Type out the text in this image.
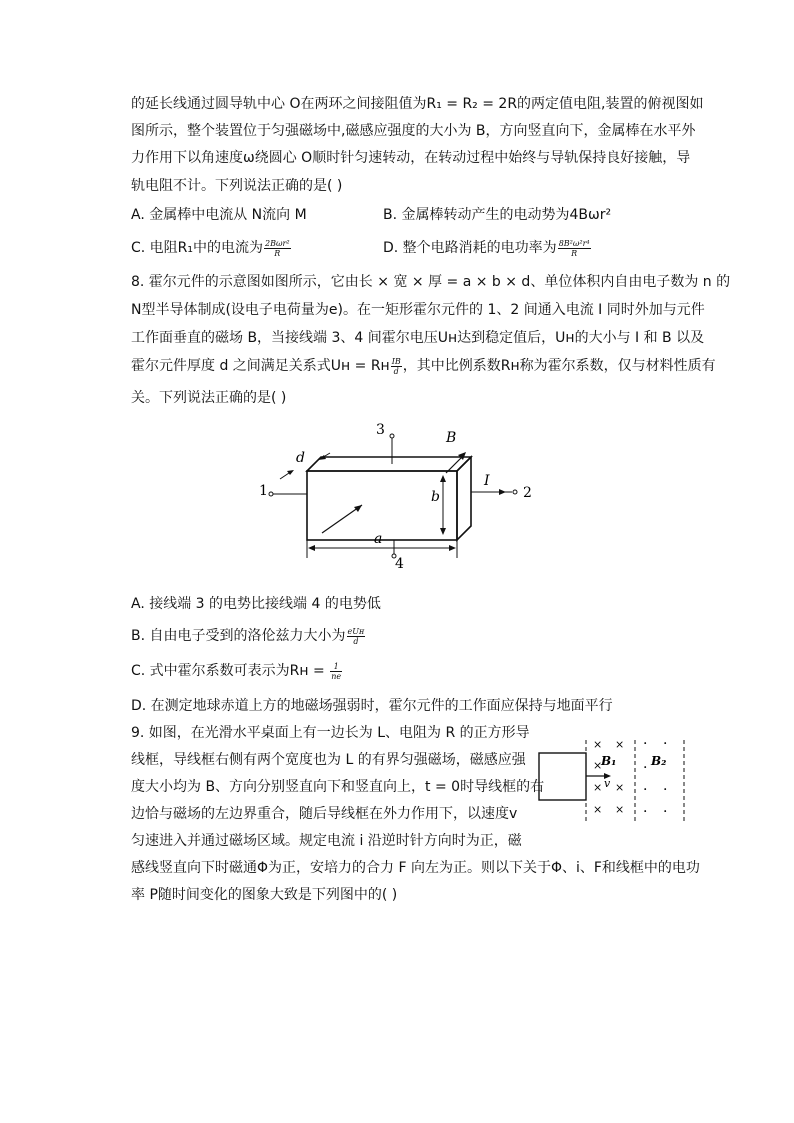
的延长线通过圆导轨中心 O在两环之间接阻值为R₁ = R₂ = 2R的两定值电阻,装置的俯视图如
图所示，整个装置位于匀强磁场中,磁感应强度的大小为 B，方向竖直向下，金属棒在水平外
力作用下以角速度ω绕圆心 O顺时针匀速转动，在转动过程中始终与导轨保持良好接触，导
轨电阻不计。下列说法正确的是( )
A. 金属棒中电流从 N流向 M	B. 金属棒转动产生的电动势为4Bωr²
C. 电阻R₁中的电流为 $\frac{\text{2Bωr²}}{R}$	D. 整个电路消耗的电功率为 $\frac{\text{8B²ω²r⁴}}{R}$
8. 霍尔元件的示意图如图所示，它由长 × 宽 × 厚 = a × b × d、单位体积内自由电子数为 n 的
N型半导体制成(设电子电荷量为e)。在一矩形霍尔元件的 1、2 间通入电流 I 同时外加与元件
工作面垂直的磁场 B，当接线端 3、4 间霍尔电压Uʜ达到稳定值后，Uʜ的大小与 I 和 B 以及
霍尔元件厚度 d 之间满足关系式Uʜ = Rʜ $\frac{IB}{d}$ ，其中比例系数Rʜ称为霍尔系数，仅与材料性质有
关。下列说法正确的是( )
1	2
I
3
4
B
d
b
a
A. 接线端 3 的电势比接线端 4 的电势低
B. 自由电子受到的洛伦兹力大小为 $\frac{\text{eUʜ}}{d}$
C. 式中霍尔系数可表示为Rʜ = $\frac{1}{ne}$
D. 在测定地球赤道上方的地磁场强弱时，霍尔元件的工作面应保持与地面平行
9. 如图，在光滑水平桌面上有一边长为 L、电阻为 R 的正方形导
线框，导线框右侧有两个宽度也为 L 的有界匀强磁场，磁感应强
度大小均为 B、方向分别竖直向下和竖直向上，t = 0时导线框的右
边恰与磁场的左边界重合，随后导线框在外力作用下，以速度v
匀速进入并通过磁场区域。规定电流 i 沿逆时针方向时为正，磁
感线竖直向下时磁通Φ为正，安培力的合力 F 向左为正。则以下关于Φ、i、F和线框中的电功
率 P随时间变化的图象大致是下列图中的( )
v
× ×
×
× ×
× ×
· ·
·
· ·
· ·
B₁	B₂
